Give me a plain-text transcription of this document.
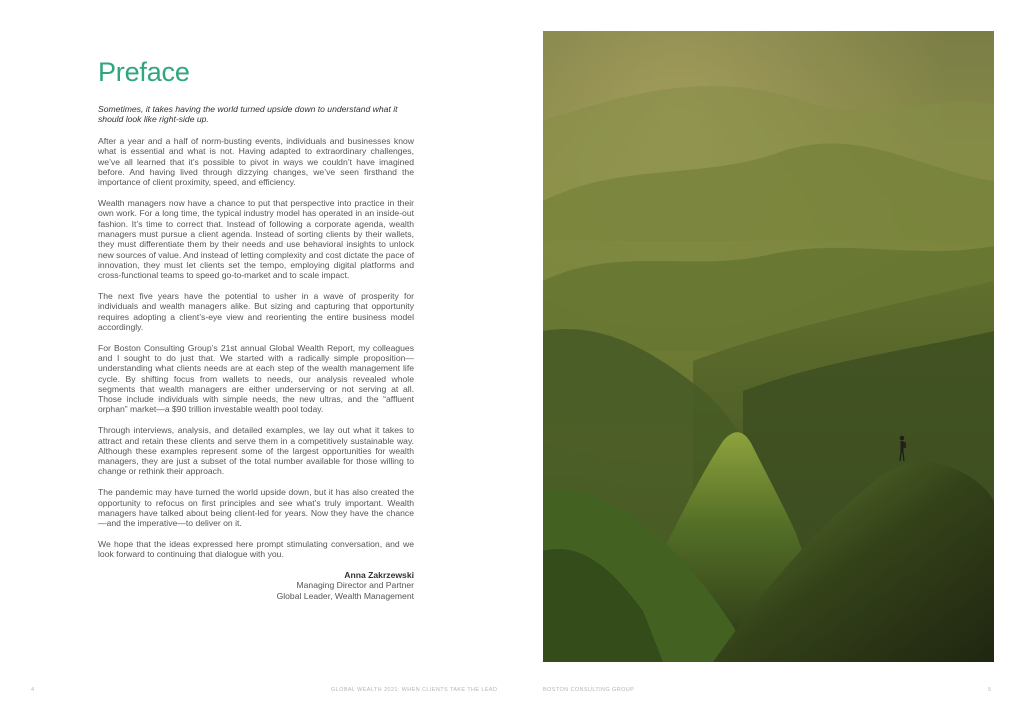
Preface

Sometimes, it takes having the world turned upside down to understand what it should look like right-side up.

After a year and a half of norm-busting events, individuals and businesses know what is essential and what is not. Having adapted to extraordinary challenges, we’ve all learned that it’s possible to pivot in ways we couldn’t have imagined before. And having lived through dizzying changes, we’ve seen firsthand the importance of client proximity, speed, and efficiency.

Wealth managers now have a chance to put that perspective into practice in their own work. For a long time, the typical industry model has operated in an inside-out fashion. It’s time to correct that. Instead of following a corporate agenda, wealth managers must pursue a client agenda. Instead of sorting clients by their wallets, they must differentiate them by their needs and use behavioral insights to unlock new sources of value. And instead of letting complexity and cost dictate the pace of innovation, they must let clients set the tempo, employing digital platforms and cross-functional teams to speed go-to-market and to scale impact.

The next five years have the potential to usher in a wave of prosperity for individuals and wealth managers alike. But sizing and capturing that opportunity requires adopting a client’s-eye view and reorienting the entire business model accordingly.

For Boston Consulting Group’s 21st annual Global Wealth Report, my colleagues and I sought to do just that. We started with a radically simple proposition—understanding what clients needs are at each step of the wealth management life cycle. By shifting focus from wallets to needs, our analysis revealed whole segments that wealth managers are either underserving or not serving at all. Those include individuals with simple needs, the new ultras, and the “affluent orphan” market—a $90 trillion investable wealth pool today.

Through interviews, analysis, and detailed examples, we lay out what it takes to attract and retain these clients and serve them in a competitively sustainable way. Although these examples represent some of the largest opportunities for wealth managers, they are just a subset of the total number available for those willing to change or rethink their approach.

The pandemic may have turned the world upside down, but it has also created the opportunity to refocus on first principles and see what’s truly important. Wealth managers have talked about being client-led for years. Now they have the chance—and the imperative—to deliver on it.

We hope that the ideas expressed here prompt stimulating conversation, and we look forward to continuing that dialogue with you.

Anna Zakrzewski
Managing Director and Partner
Global Leader, Wealth Management
4	GLOBAL WEALTH 2021: WHEN CLIENTS TAKE THE LEAD	BOSTON CONSULTING GROUP	5
